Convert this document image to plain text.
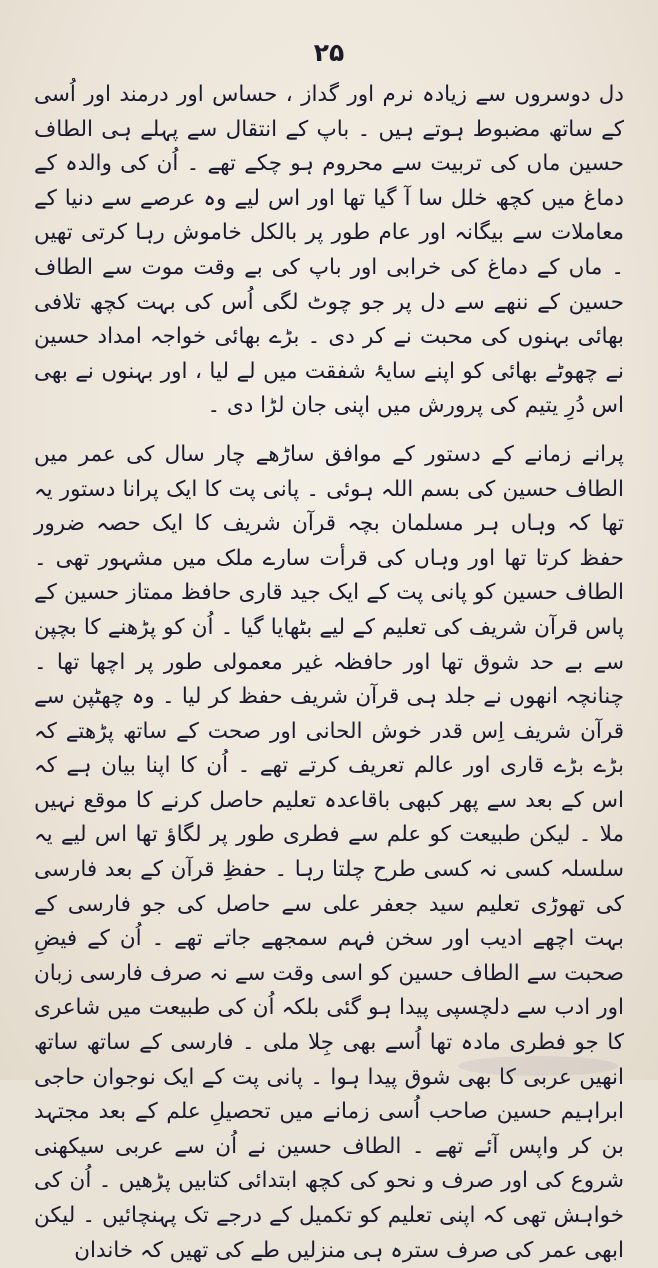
۲۵

دل دوسروں سے زیادہ نرم اور گداز ، حساس اور درمند اور اُسی کے ساتھ مضبوط ہوتے ہیں ۔ باپ کے انتقال سے پہلے ہی الطاف حسین ماں کی تربیت سے محروم ہو چکے تھے ۔ اُن کی والدہ کے دماغ میں کچھ خلل سا آ گیا تھا اور اس لیے وہ عرصے سے دنیا کے معاملات سے بیگانہ اور عام طور پر بالکل خاموش رہا کرتی تھیں ۔ ماں کے دماغ کی خرابی اور باپ کی بے وقت موت سے الطاف حسین کے ننھے سے دل پر جو چوٹ لگی اُس کی بہت کچھ تلافی بھائی بہنوں کی محبت نے کر دی ۔ بڑے بھائی خواجہ امداد حسین نے چھوٹے بھائی کو اپنے سایۂ شفقت میں لے لیا ، اور بہنوں نے بھی اس دُرِ یتیم کی پرورش میں اپنی جان لڑا دی ۔

پرانے زمانے کے دستور کے موافق ساڑھے چار سال کی عمر میں الطاف حسین کی بسم اللہ ہوئی ۔ پانی پت کا ایک پرانا دستور یہ تھا کہ وہاں ہر مسلمان بچہ قرآن شریف کا ایک حصہ ضرور حفظ کرتا تھا اور وہاں کی قرأت سارے ملک میں مشہور تھی ۔ الطاف حسین کو پانی پت کے ایک جید قاری حافظ ممتاز حسین کے پاس قرآن شریف کی تعلیم کے لیے بٹھایا گیا ۔ اُن کو پڑھنے کا بچپن سے بے حد شوق تھا اور حافظہ غیر معمولی طور پر اچھا تھا ۔ چنانچہ انھوں نے جلد ہی قرآن شریف حفظ کر لیا ۔ وہ چھٹپن سے قرآن شریف اِس قدر خوش الحانی اور صحت کے ساتھ پڑھتے کہ بڑے بڑے قاری اور عالم تعریف کرتے تھے ۔ اُن کا اپنا بیان ہے کہ اس کے بعد سے پھر کبھی باقاعدہ تعلیم حاصل کرنے کا موقع نہیں ملا ۔ لیکن طبیعت کو علم سے فطری طور پر لگاؤ تھا اس لیے یہ سلسلہ کسی نہ کسی طرح چلتا رہا ۔ حفظِ قرآن کے بعد فارسی کی تھوڑی تعلیم سید جعفر علی سے حاصل کی جو فارسی کے بہت اچھے ادیب اور سخن فہم سمجھے جاتے تھے ۔ اُن کے فیضِ صحبت سے الطاف حسین کو اسی وقت سے نہ صرف فارسی زبان اور ادب سے دلچسپی پیدا ہو گئی بلکہ اُن کی طبیعت میں شاعری کا جو فطری مادہ تھا اُسے بھی جِلا ملی ۔ فارسی کے ساتھ ساتھ انھیں عربی کا بھی شوق پیدا ہوا ۔ پانی پت کے ایک نوجوان حاجی ابراہیم حسین صاحب اُسی زمانے میں تحصیلِ علم کے بعد مجتہد بن کر واپس آئے تھے ۔ الطاف حسین نے اُن سے عربی سیکھنی شروع کی اور صرف و نحو کی کچھ ابتدائی کتابیں پڑھیں ۔ اُن کی خواہش تھی کہ اپنی تعلیم کو تکمیل کے درجے تک پہنچائیں ۔ لیکن ابھی عمر کی صرف سترہ ہی منزلیں طے کی تھیں کہ خاندان
